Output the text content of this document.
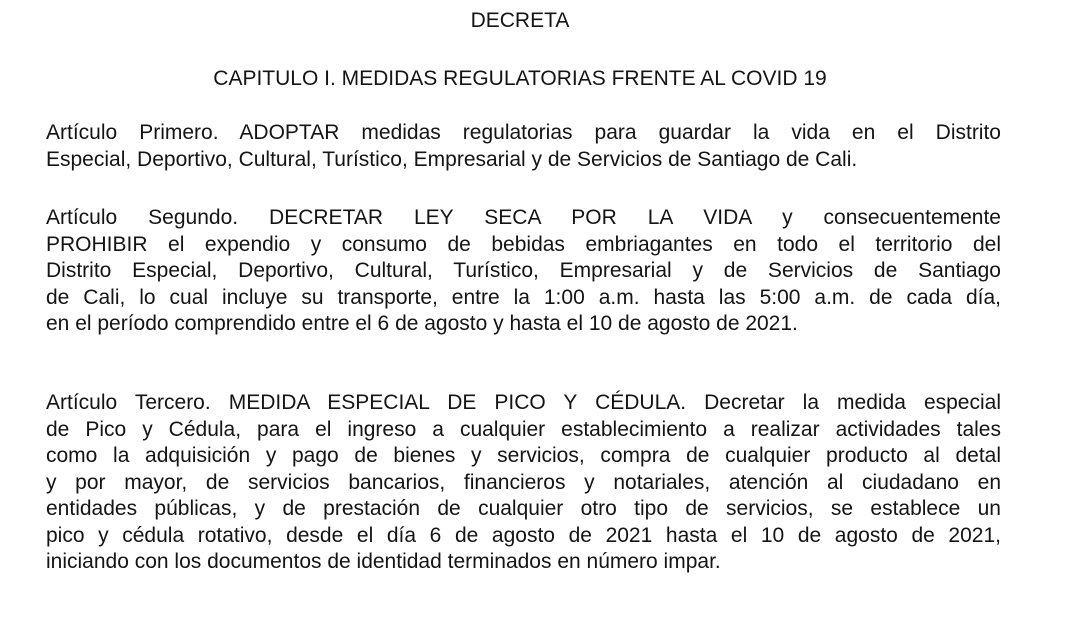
DECRETA
CAPITULO I. MEDIDAS REGULATORIAS FRENTE AL COVID 19
Artículo Primero. ADOPTAR medidas regulatorias para guardar la vida en el Distrito
Especial, Deportivo, Cultural, Turístico, Empresarial y de Servicios de Santiago de Cali.
Artículo Segundo. DECRETAR LEY SECA POR LA VIDA y consecuentemente
PROHIBIR el expendio y consumo de bebidas embriagantes en todo el territorio del
Distrito Especial, Deportivo, Cultural, Turístico, Empresarial y de Servicios de Santiago
de Cali, lo cual incluye su transporte, entre la 1:00 a.m. hasta las 5:00 a.m. de cada día,
en el período comprendido entre el 6 de agosto y hasta el 10 de agosto de 2021.
Artículo Tercero. MEDIDA ESPECIAL DE PICO Y CÉDULA. Decretar la medida especial
de Pico y Cédula, para el ingreso a cualquier establecimiento a realizar actividades tales
como la adquisición y pago de bienes y servicios, compra de cualquier producto al detal
y por mayor, de servicios bancarios, financieros y notariales, atención al ciudadano en
entidades públicas, y de prestación de cualquier otro tipo de servicios, se establece un
pico y cédula rotativo, desde el día 6 de agosto de 2021 hasta el 10 de agosto de 2021,
iniciando con los documentos de identidad terminados en número impar.
